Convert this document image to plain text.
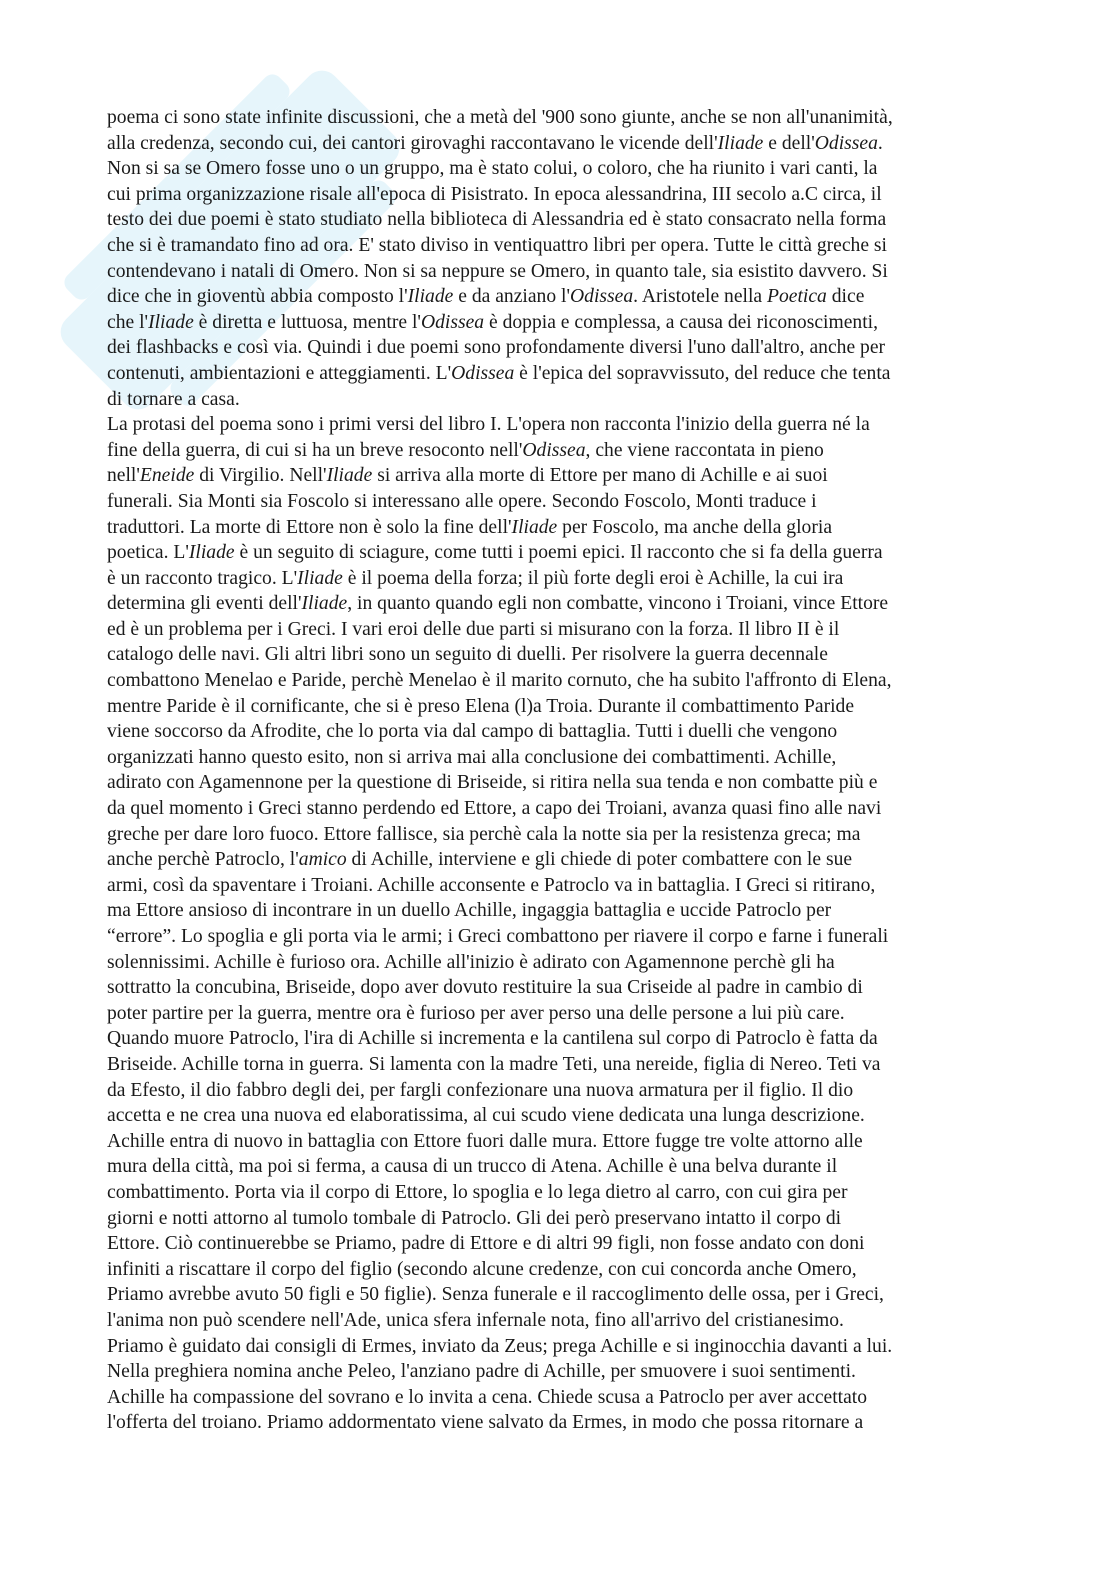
poema ci sono state infinite discussioni, che a metà del '900 sono giunte, anche se non all'unanimità,
alla credenza, secondo cui, dei cantori girovaghi raccontavano le vicende dell'Iliade e dell'Odissea.
Non si sa se Omero fosse uno o un gruppo, ma è stato colui, o coloro, che ha riunito i vari canti, la
cui prima organizzazione risale all'epoca di Pisistrato. In epoca alessandrina, III secolo a.C circa, il
testo dei due poemi è stato studiato nella biblioteca di Alessandria ed è stato consacrato nella forma
che si è tramandato fino ad ora. E' stato diviso in ventiquattro libri per opera. Tutte le città greche si
contendevano i natali di Omero. Non si sa neppure se Omero, in quanto tale, sia esistito davvero. Si
dice che in gioventù abbia composto l'Iliade e da anziano l'Odissea. Aristotele nella Poetica dice
che l'Iliade è diretta e luttuosa, mentre l'Odissea è doppia e complessa, a causa dei riconoscimenti,
dei flashbacks e così via. Quindi i due poemi sono profondamente diversi l'uno dall'altro, anche per
contenuti, ambientazioni e atteggiamenti. L'Odissea è l'epica del sopravvissuto, del reduce che tenta
di tornare a casa.
La protasi del poema sono i primi versi del libro I. L'opera non racconta l'inizio della guerra né la
fine della guerra, di cui si ha un breve resoconto nell'Odissea, che viene raccontata in pieno
nell'Eneide di Virgilio. Nell'Iliade si arriva alla morte di Ettore per mano di Achille e ai suoi
funerali. Sia Monti sia Foscolo si interessano alle opere. Secondo Foscolo, Monti traduce i
traduttori. La morte di Ettore non è solo la fine dell'Iliade per Foscolo, ma anche della gloria
poetica. L'Iliade è un seguito di sciagure, come tutti i poemi epici. Il racconto che si fa della guerra
è un racconto tragico. L'Iliade è il poema della forza; il più forte degli eroi è Achille, la cui ira
determina gli eventi dell'Iliade, in quanto quando egli non combatte, vincono i Troiani, vince Ettore
ed è un problema per i Greci. I vari eroi delle due parti si misurano con la forza. Il libro II è il
catalogo delle navi. Gli altri libri sono un seguito di duelli. Per risolvere la guerra decennale
combattono Menelao e Paride, perchè Menelao è il marito cornuto, che ha subito l'affronto di Elena,
mentre Paride è il cornificante, che si è preso Elena (l)a Troia. Durante il combattimento Paride
viene soccorso da Afrodite, che lo porta via dal campo di battaglia. Tutti i duelli che vengono
organizzati hanno questo esito, non si arriva mai alla conclusione dei combattimenti. Achille,
adirato con Agamennone per la questione di Briseide, si ritira nella sua tenda e non combatte più e
da quel momento i Greci stanno perdendo ed Ettore, a capo dei Troiani, avanza quasi fino alle navi
greche per dare loro fuoco. Ettore fallisce, sia perchè cala la notte sia per la resistenza greca; ma
anche perchè Patroclo, l'amico di Achille, interviene e gli chiede di poter combattere con le sue
armi, così da spaventare i Troiani. Achille acconsente e Patroclo va in battaglia. I Greci si ritirano,
ma Ettore ansioso di incontrare in un duello Achille, ingaggia battaglia e uccide Patroclo per
“errore”. Lo spoglia e gli porta via le armi; i Greci combattono per riavere il corpo e farne i funerali
solennissimi. Achille è furioso ora. Achille all'inizio è adirato con Agamennone perchè gli ha
sottratto la concubina, Briseide, dopo aver dovuto restituire la sua Criseide al padre in cambio di
poter partire per la guerra, mentre ora è furioso per aver perso una delle persone a lui più care.
Quando muore Patroclo, l'ira di Achille si incrementa e la cantilena sul corpo di Patroclo è fatta da
Briseide. Achille torna in guerra. Si lamenta con la madre Teti, una nereide, figlia di Nereo. Teti va
da Efesto, il dio fabbro degli dei, per fargli confezionare una nuova armatura per il figlio. Il dio
accetta e ne crea una nuova ed elaboratissima, al cui scudo viene dedicata una lunga descrizione.
Achille entra di nuovo in battaglia con Ettore fuori dalle mura. Ettore fugge tre volte attorno alle
mura della città, ma poi si ferma, a causa di un trucco di Atena. Achille è una belva durante il
combattimento. Porta via il corpo di Ettore, lo spoglia e lo lega dietro al carro, con cui gira per
giorni e notti attorno al tumolo tombale di Patroclo. Gli dei però preservano intatto il corpo di
Ettore. Ciò continuerebbe se Priamo, padre di Ettore e di altri 99 figli, non fosse andato con doni
infiniti a riscattare il corpo del figlio (secondo alcune credenze, con cui concorda anche Omero,
Priamo avrebbe avuto 50 figli e 50 figlie). Senza funerale e il raccoglimento delle ossa, per i Greci,
l'anima non può scendere nell'Ade, unica sfera infernale nota, fino all'arrivo del cristianesimo.
Priamo è guidato dai consigli di Ermes, inviato da Zeus; prega Achille e si inginocchia davanti a lui.
Nella preghiera nomina anche Peleo, l'anziano padre di Achille, per smuovere i suoi sentimenti.
Achille ha compassione del sovrano e lo invita a cena. Chiede scusa a Patroclo per aver accettato
l'offerta del troiano. Priamo addormentato viene salvato da Ermes, in modo che possa ritornare a
